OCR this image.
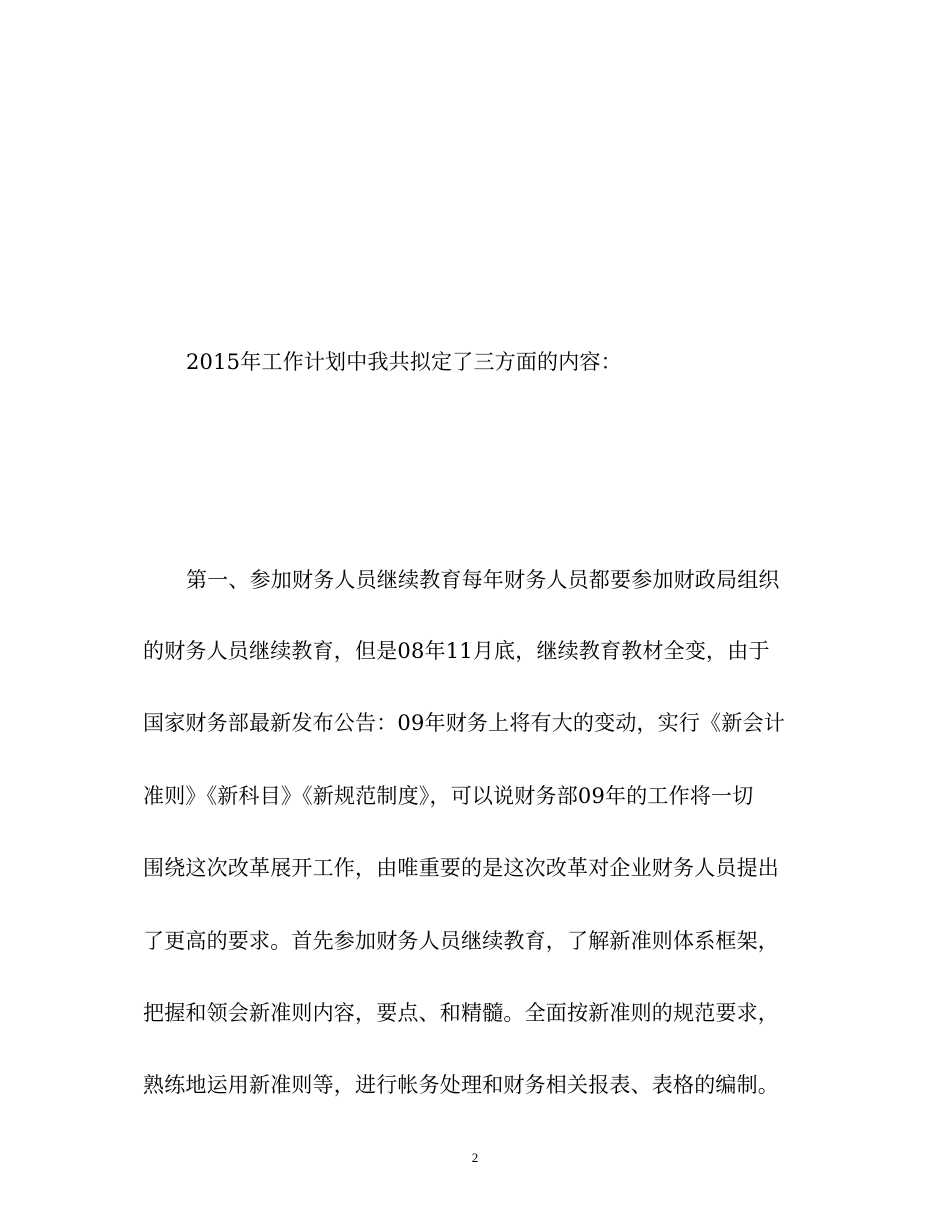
2015年工作计划中我共拟定了三方面的内容：
第一、参加财务人员继续教育每年财务人员都要参加财政局组织
的财务人员继续教育，但是08年11月底，继续教育教材全变，由于
国家财务部最新发布公告：09年财务上将有大的变动，实行《新会计
准则》《新科目》《新规范制度》，可以说财务部09年的工作将一切
围绕这次改革展开工作，由唯重要的是这次改革对企业财务人员提出
了更高的要求。首先参加财务人员继续教育，了解新准则体系框架，
把握和领会新准则内容，要点、和精髓。全面按新准则的规范要求，
熟练地运用新准则等，进行帐务处理和财务相关报表、表格的编制。
2
